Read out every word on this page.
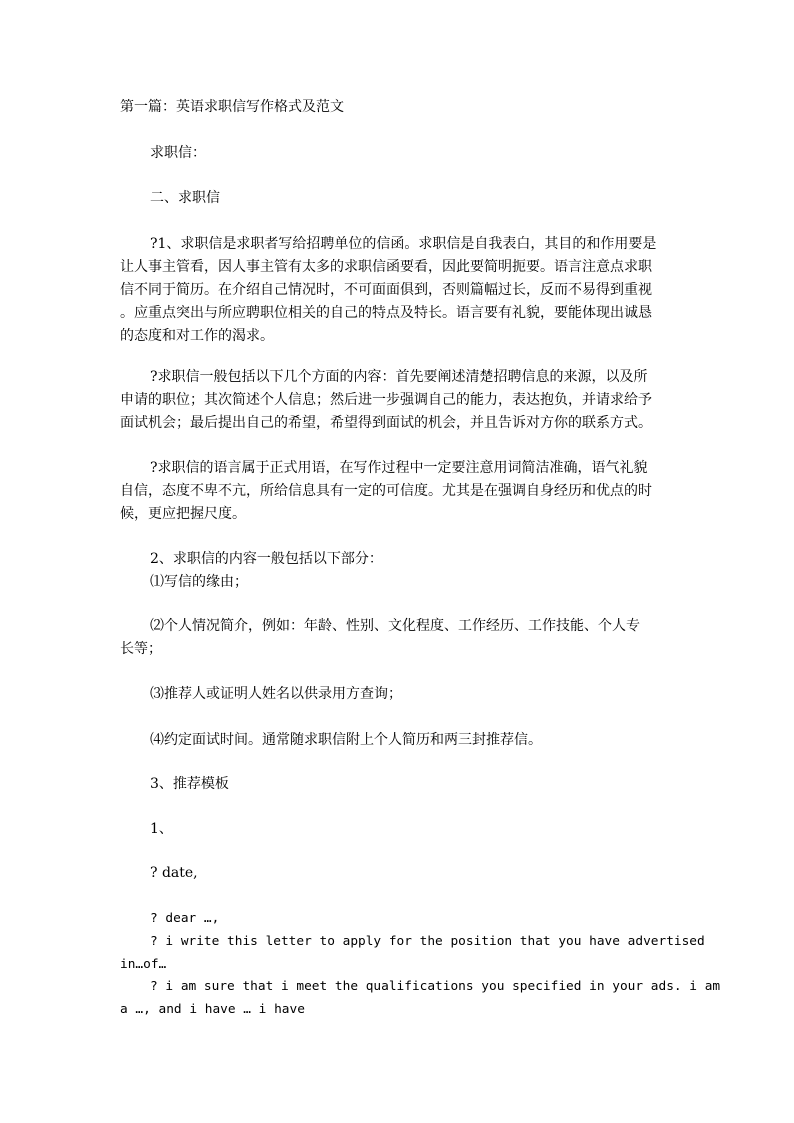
第一篇：英语求职信写作格式及范文
求职信：
二、求职信
?1、求职信是求职者写给招聘单位的信函。求职信是自我表白，其目的和作用要是
让人事主管看，因人事主管有太多的求职信函要看，因此要简明扼要。语言注意点求职
信不同于简历。在介绍自己情况时，不可面面俱到，否则篇幅过长，反而不易得到重视
。应重点突出与所应聘职位相关的自己的特点及特长。语言要有礼貌，要能体现出诚恳
的态度和对工作的渴求。
?求职信一般包括以下几个方面的内容：首先要阐述清楚招聘信息的来源，以及所
申请的职位；其次简述个人信息；然后进一步强调自己的能力，表达抱负，并请求给予
面试机会；最后提出自己的希望，希望得到面试的机会，并且告诉对方你的联系方式。
?求职信的语言属于正式用语，在写作过程中一定要注意用词简洁准确，语气礼貌
自信，态度不卑不亢，所给信息具有一定的可信度。尤其是在强调自身经历和优点的时
候，更应把握尺度。
2、求职信的内容一般包括以下部分：
⑴写信的缘由；
⑵个人情况简介，例如：年龄、性别、文化程度、工作经历、工作技能、个人专
长等；
⑶推荐人或证明人姓名以供录用方查询；
⑷约定面试时间。通常随求职信附上个人简历和两三封推荐信。
3、推荐模板
1、
? date,
? dear …,
? i write this letter to apply for the position that you have advertised
in…of…
? i am sure that i meet the qualifications you specified in your ads. i am
a …, and i have … i have
